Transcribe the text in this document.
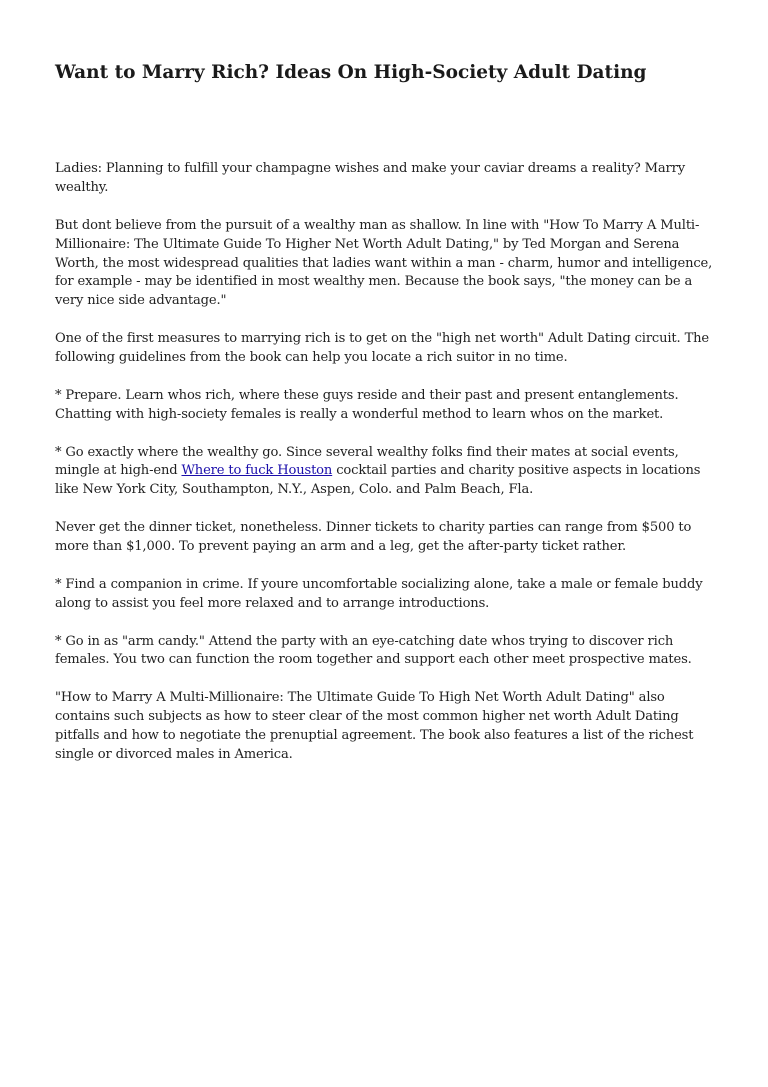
Want to Marry Rich? Ideas On High-Society Adult Dating

Ladies: Planning to fulfill your champagne wishes and make your caviar dreams a reality? Marry wealthy.

But dont believe from the pursuit of a wealthy man as shallow. In line with "How To Marry A Multi-Millionaire: The Ultimate Guide To Higher Net Worth Adult Dating," by Ted Morgan and Serena Worth, the most widespread qualities that ladies want within a man - charm, humor and intelligence, for example - may be identified in most wealthy men. Because the book says, "the money can be a very nice side advantage."

One of the first measures to marrying rich is to get on the "high net worth" Adult Dating circuit. The following guidelines from the book can help you locate a rich suitor in no time.

* Prepare. Learn whos rich, where these guys reside and their past and present entanglements. Chatting with high-society females is really a wonderful method to learn whos on the market.

* Go exactly where the wealthy go. Since several wealthy folks find their mates at social events, mingle at high-end Where to fuck Houston cocktail parties and charity positive aspects in locations like New York City, Southampton, N.Y., Aspen, Colo. and Palm Beach, Fla.

Never get the dinner ticket, nonetheless. Dinner tickets to charity parties can range from $500 to more than $1,000. To prevent paying an arm and a leg, get the after-party ticket rather.

* Find a companion in crime. If youre uncomfortable socializing alone, take a male or female buddy along to assist you feel more relaxed and to arrange introductions.

* Go in as "arm candy." Attend the party with an eye-catching date whos trying to discover rich females. You two can function the room together and support each other meet prospective mates.

"How to Marry A Multi-Millionaire: The Ultimate Guide To High Net Worth Adult Dating" also contains such subjects as how to steer clear of the most common higher net worth Adult Dating pitfalls and how to negotiate the prenuptial agreement. The book also features a list of the richest single or divorced males in America.
